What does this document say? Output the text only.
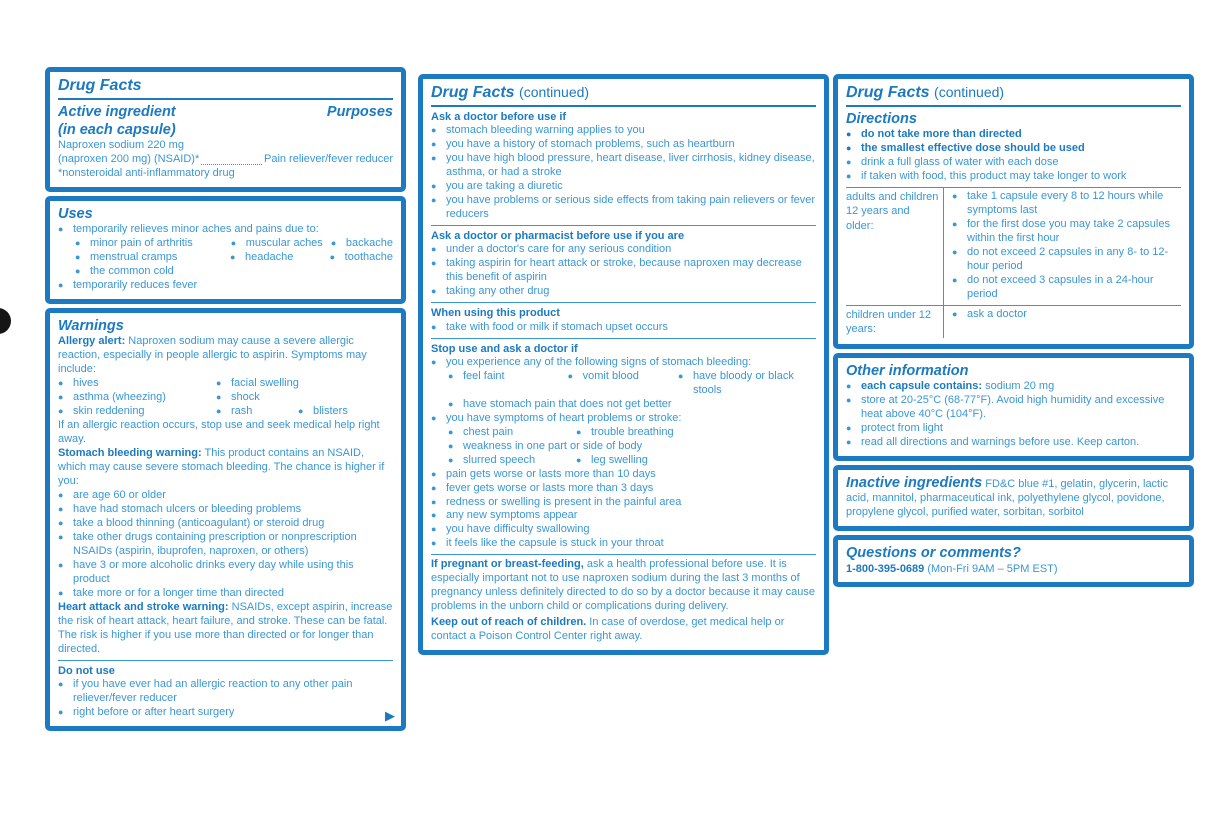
Drug Facts
Active ingredient	Purposes
(in each capsule)
Naproxen sodium 220 mg
(naproxen 200 mg) (NSAID)*	Pain reliever/fever reducer
*nonsteroidal anti-inflammatory drug
Uses
● temporarily relieves minor aches and pains due to:
● minor pain of arthritis	● muscular aches	● backache
● menstrual cramps	● headache	● toothache
● the common cold
● temporarily reduces fever
Warnings
Allergy alert: Naproxen sodium may cause a severe allergic reaction, especially in people allergic to aspirin. Symptoms may include:
● hives	● facial swelling
● asthma (wheezing)	● shock
● skin reddening	● rash	● blisters
If an allergic reaction occurs, stop use and seek medical help right away.
Stomach bleeding warning: This product contains an NSAID, which may cause severe stomach bleeding. The chance is higher if you:
● are age 60 or older
● have had stomach ulcers or bleeding problems
● take a blood thinning (anticoagulant) or steroid drug
● take other drugs containing prescription or nonprescription NSAIDs (aspirin, ibuprofen, naproxen, or others)
● have 3 or more alcoholic drinks every day while using this product
● take more or for a longer time than directed
Heart attack and stroke warning: NSAIDs, except aspirin, increase the risk of heart attack, heart failure, and stroke. These can be fatal. The risk is higher if you use more than directed or for longer than directed.
Do not use
● if you have ever had an allergic reaction to any other pain reliever/fever reducer
● right before or after heart surgery	▶
Drug Facts (continued)
Ask a doctor before use if
● stomach bleeding warning applies to you
● you have a history of stomach problems, such as heartburn
● you have high blood pressure, heart disease, liver cirrhosis, kidney disease, asthma, or had a stroke
● you are taking a diuretic
● you have problems or serious side effects from taking pain relievers or fever reducers
Ask a doctor or pharmacist before use if you are
● under a doctor's care for any serious condition
● taking aspirin for heart attack or stroke, because naproxen may decrease this benefit of aspirin
● taking any other drug
When using this product
● take with food or milk if stomach upset occurs
Stop use and ask a doctor if
● you experience any of the following signs of stomach bleeding:
● feel faint	● vomit blood	● have bloody or black stools
● have stomach pain that does not get better
● you have symptoms of heart problems or stroke:
● chest pain	● trouble breathing
● weakness in one part or side of body
● slurred speech	● leg swelling
● pain gets worse or lasts more than 10 days
● fever gets worse or lasts more than 3 days
● redness or swelling is present in the painful area
● any new symptoms appear
● you have difficulty swallowing
● it feels like the capsule is stuck in your throat
If pregnant or breast-feeding, ask a health professional before use. It is especially important not to use naproxen sodium during the last 3 months of pregnancy unless definitely directed to do so by a doctor because it may cause problems in the unborn child or complications during delivery.
Keep out of reach of children. In case of overdose, get medical help or contact a Poison Control Center right away.
Drug Facts (continued)
Directions
● do not take more than directed
● the smallest effective dose should be used
● drink a full glass of water with each dose
● if taken with food, this product may take longer to work
adults and children 12 years and older:
● take 1 capsule every 8 to 12 hours while symptoms last
● for the first dose you may take 2 capsules within the first hour
● do not exceed 2 capsules in any 8- to 12-hour period
● do not exceed 3 capsules in a 24-hour period
children under 12 years:
● ask a doctor
Other information
● each capsule contains: sodium 20 mg
● store at 20-25°C (68-77°F). Avoid high humidity and excessive heat above 40°C (104°F).
● protect from light
● read all directions and warnings before use. Keep carton.
Inactive ingredients FD&C blue #1, gelatin, glycerin, lactic acid, mannitol, pharmaceutical ink, polyethylene glycol, povidone, propylene glycol, purified water, sorbitan, sorbitol
Questions or comments?
1-800-395-0689 (Mon-Fri 9AM – 5PM EST)
